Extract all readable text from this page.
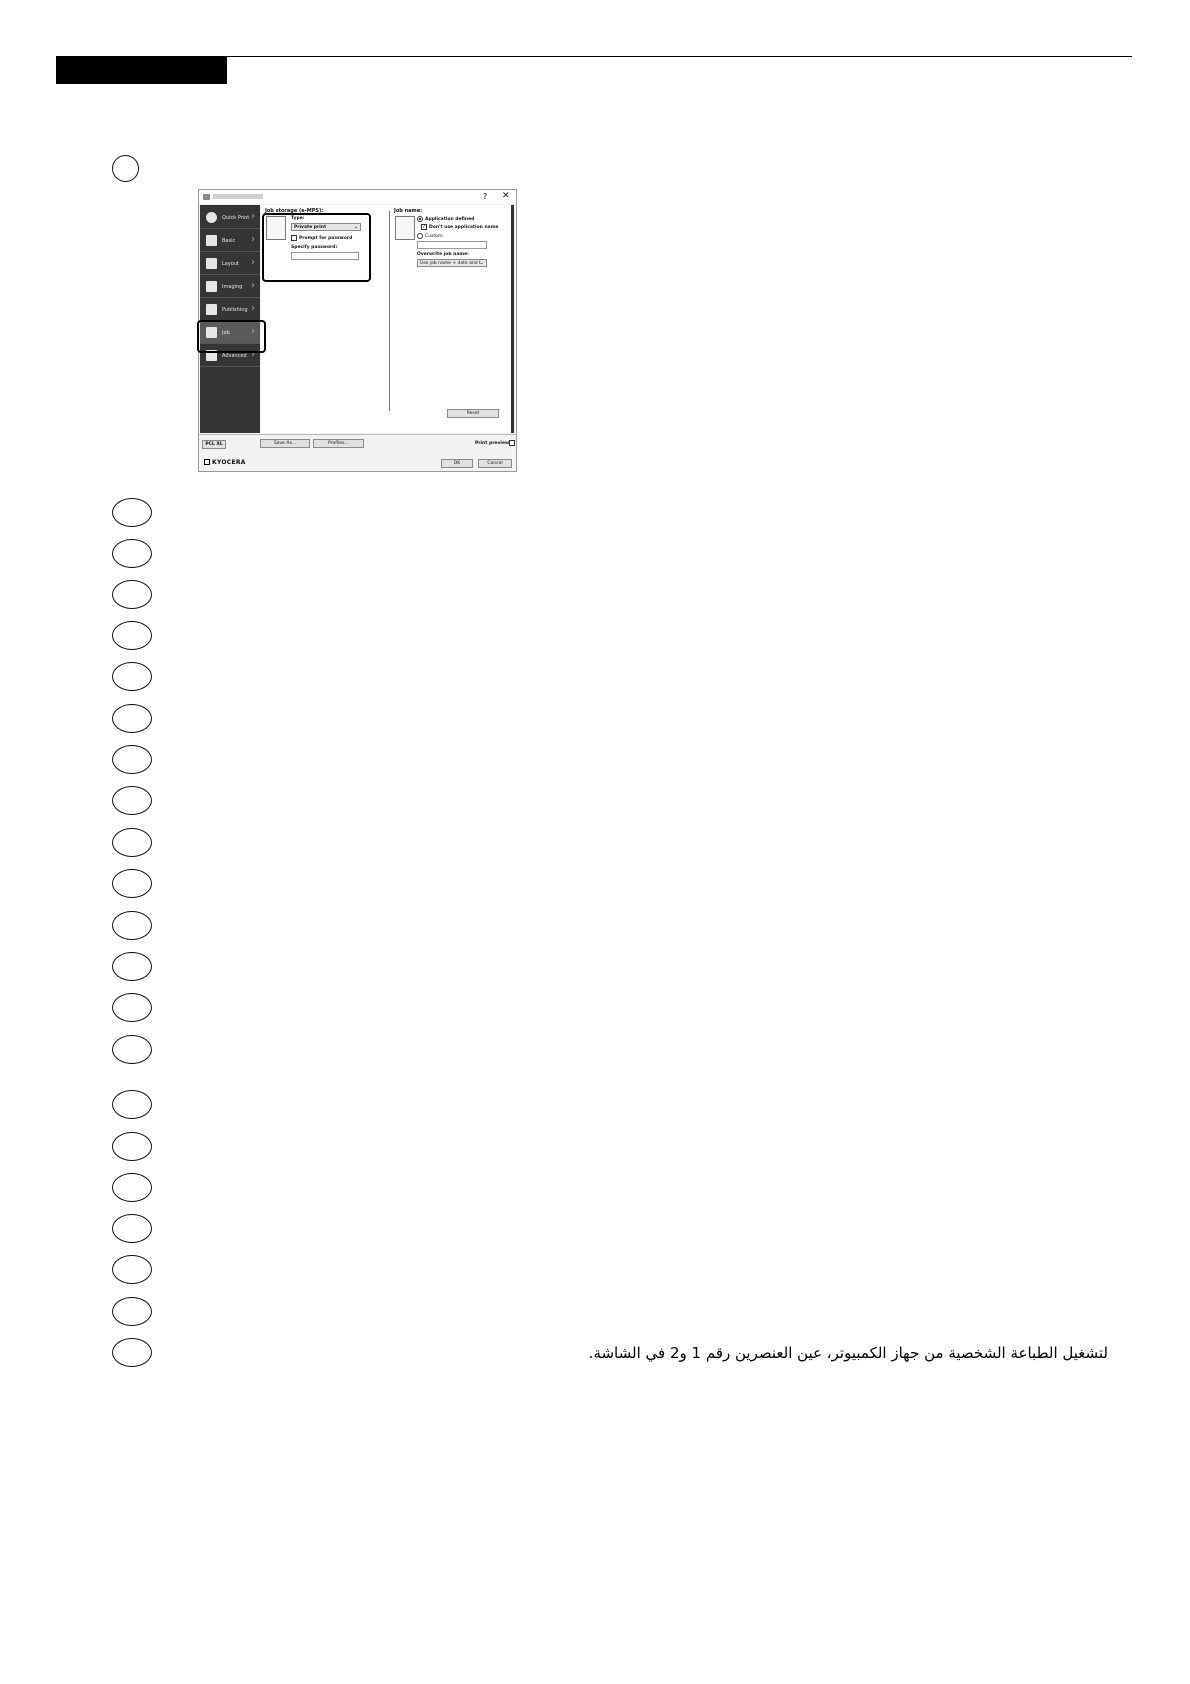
? ✕
Quick Print ›
Basic ›
Layout ›
Imaging ›
Publishing ›
Job ›
Advanced ›
Job storage (e-MPS):
Type:
Private print	⌄
Prompt for password
Specify password:
Job name:
Application defined
✓ Don't use application name
Custom:
Overwrite job name:
Use job name + date and t ⌄
Reset
PCL XL	Save As...	Profiles...	Print preview
KYOCERA	OK	Cancel
لتشغيل الطباعة الشخصية من جهاز الكمبيوتر، عين العنصرين رقم 1 و2 في الشاشة.
